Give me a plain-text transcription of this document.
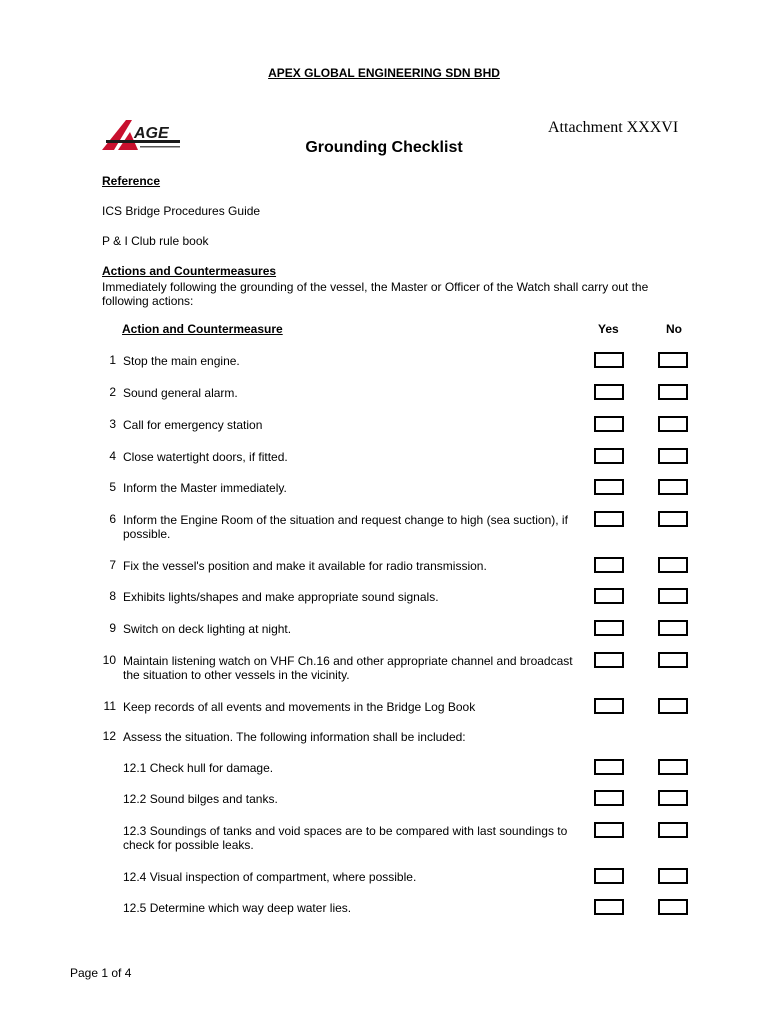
APEX GLOBAL ENGINEERING SDN BHD
AGE	Attachment XXXVI
Grounding Checklist
Reference
ICS Bridge Procedures Guide
P & I Club rule book
Actions and Countermeasures
Immediately following the grounding of the vessel, the Master or Officer of the Watch shall carry out the following actions:
Action and Countermeasure	Yes	No
1 Stop the main engine.
2 Sound general alarm.
3 Call for emergency station
4 Close watertight doors, if fitted.
5 Inform the Master immediately.
6 Inform the Engine Room of the situation and request change to high (sea suction), if
possible.
7 Fix the vessel's position and make it available for radio transmission.
8 Exhibits lights/shapes and make appropriate sound signals.
9 Switch on deck lighting at night.
10 Maintain listening watch on VHF Ch.16 and other appropriate channel and broadcast
the situation to other vessels in the vicinity.
11 Keep records of all events and movements in the Bridge Log Book
12 Assess the situation. The following information shall be included:
12.1 Check hull for damage.
12.2 Sound bilges and tanks.
12.3 Soundings of tanks and void spaces are to be compared with last soundings to
check for possible leaks.
12.4 Visual inspection of compartment, where possible.
12.5 Determine which way deep water lies.
Page 1 of 4
